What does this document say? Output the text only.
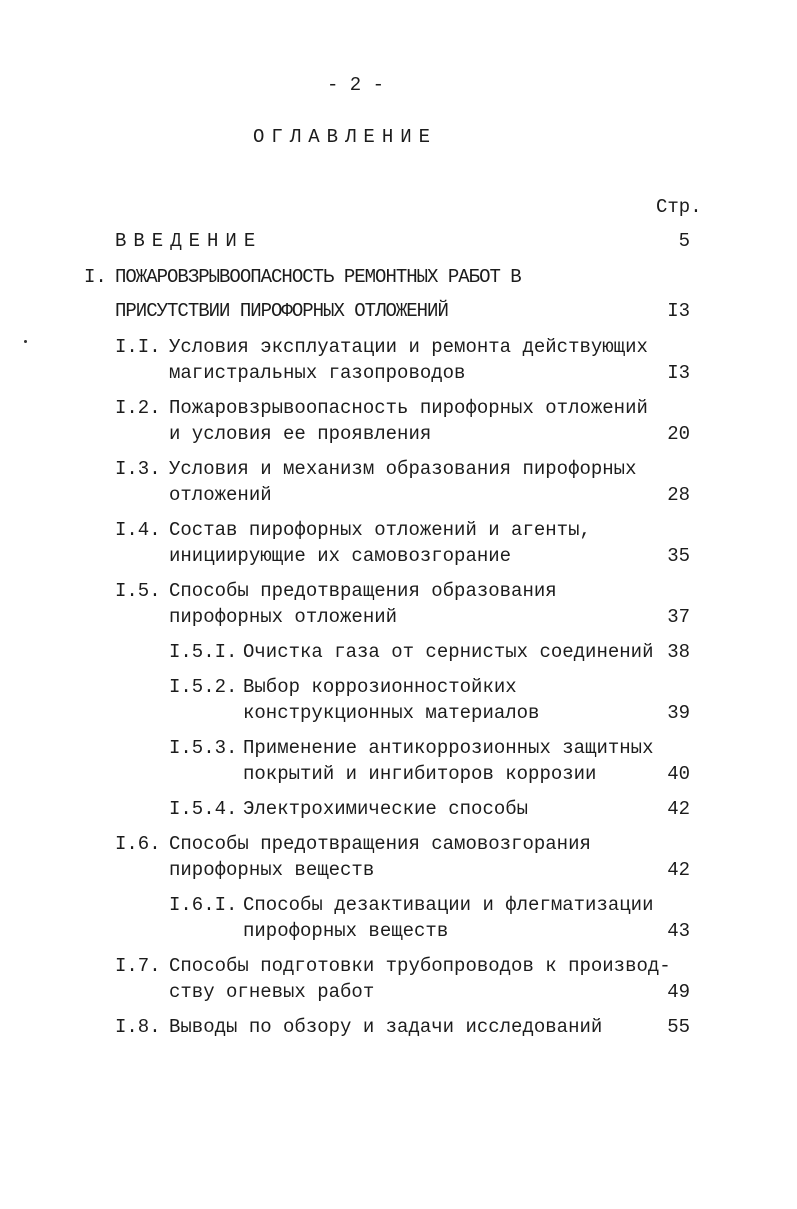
- 2 -
ОГЛАВЛЕНИЕ
Стр.
ВВЕДЕНИЕ	5
I. ПОЖАРОВЗРЫВООПАСНОСТЬ РЕМОНТНЫХ РАБОТ В
ПРИСУТСТВИИ ПИРОФОРНЫХ ОТЛОЖЕНИЙ	I3
I.I. Условия эксплуатации и ремонта действующих
магистральных газопроводов	I3
I.2. Пожаровзрывоопасность пирофорных отложений
и условия ее проявления	20
I.3. Условия и механизм образования пирофорных
отложений	28
I.4. Состав пирофорных отложений и агенты,
инициирующие их самовозгорание	35
I.5. Способы предотвращения образования
пирофорных отложений	37
I.5.I. Очистка газа от сернистых соединений 38
I.5.2. Выбор коррозионностойких
конструкционных материалов	39
I.5.3. Применение антикоррозионных защитных
покрытий и ингибиторов коррозии	40
I.5.4. Электрохимические способы	42
I.6. Способы предотвращения самовозгорания
пирофорных веществ	42
I.6.I. Способы дезактивации и флегматизации
пирофорных веществ	43
I.7. Способы подготовки трубопроводов к производ-
ству огневых работ	49
I.8. Выводы по обзору и задачи исследований	55
